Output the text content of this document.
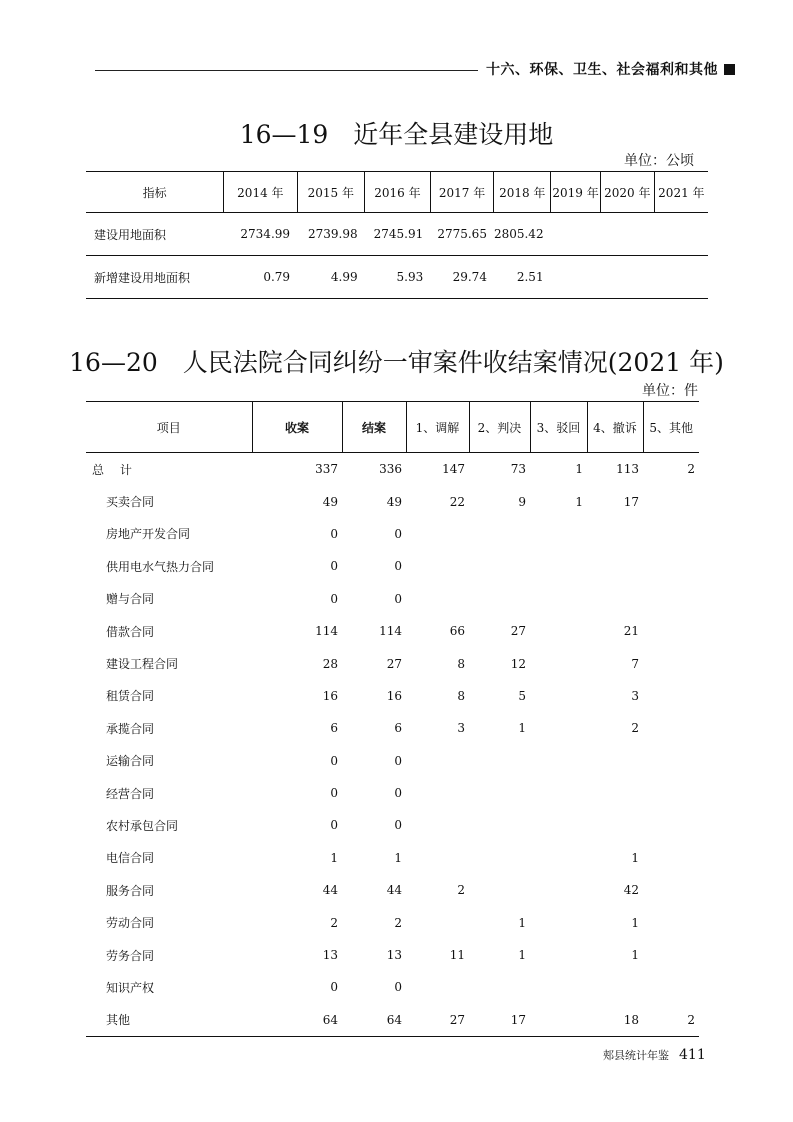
十六、环保、卫生、社会福利和其他
16—19　近年全县建设用地
单位：公顷
指标	2014 年	2015 年	2016 年	2017 年	2018 年	2019 年	2020 年	2021 年
建设用地面积	2734.99	2739.98	2745.91	2775.65	2805.42			
新增建设用地面积	0.79	4.99	5.93	29.74	2.51			
16—20　人民法院合同纠纷一审案件收结案情况(2021 年)
单位：件
项目	收案	结案	1、调解	2、判决	3、驳回	4、撤诉	5、其他
总 计	337	336	147	73	1	113	2
买卖合同	49	49	22	9	1	17	
房地产开发合同	0	0					
供用电水气热力合同	0	0					
赠与合同	0	0					
借款合同	114	114	66	27		21	
建设工程合同	28	27	8	12		7	
租赁合同	16	16	8	5		3	
承揽合同	6	6	3	1		2	
运输合同	0	0					
经营合同	0	0					
农村承包合同	0	0					
电信合同	1	1				1	
服务合同	44	44	2			42	
劳动合同	2	2		1		1	
劳务合同	13	13	11	1		1	
知识产权	0	0					
其他	64	64	27	17		18	2
郏县统计年鉴 411
